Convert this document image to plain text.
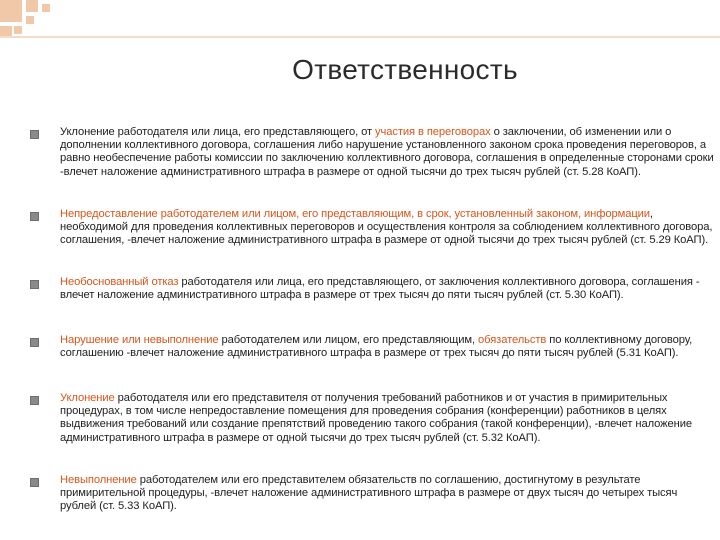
Ответственность
Уклонение работодателя или лица, его представляющего, от участия в переговорах о заключении, об изменении или о дополнении коллективного договора, соглашения либо нарушение установленного законом срока проведения переговоров, а равно необеспечение работы комиссии по заключению коллективного договора, соглашения в определенные сторонами сроки -влечет наложение административного штрафа в размере от одной тысячи до трех тысяч рублей (ст. 5.28 КоАП).
Непредоставление работодателем или лицом, его представляющим, в срок, установленный законом, информации, необходимой для проведения коллективных переговоров и осуществления контроля за соблюдением коллективного договора, соглашения, -влечет наложение административного штрафа в размере от одной тысячи до трех тысяч рублей (ст. 5.29 КоАП).
Необоснованный отказ работодателя или лица, его представляющего, от заключения коллективного договора, соглашения - влечет наложение административного штрафа в размере от трех тысяч до пяти тысяч рублей (ст. 5.30 КоАП).
Нарушение или невыполнение работодателем или лицом, его представляющим, обязательств по коллективному договору, соглашению -влечет наложение административного штрафа в размере от трех тысяч до пяти тысяч рублей (5.31 КоАП).
Уклонение работодателя или его представителя от получения требований работников и от участия в примирительных процедурах, в том числе непредоставление помещения для проведения собрания (конференции) работников в целях выдвижения требований или создание препятствий проведению такого собрания (такой конференции), -влечет наложение административного штрафа в размере от одной тысячи до трех тысяч рублей (ст. 5.32 КоАП).
Невыполнение работодателем или его представителем обязательств по соглашению, достигнутому в результате примирительной процедуры, -влечет наложение административного штрафа в размере от двух тысяч до четырех тысяч рублей (ст. 5.33 КоАП).
